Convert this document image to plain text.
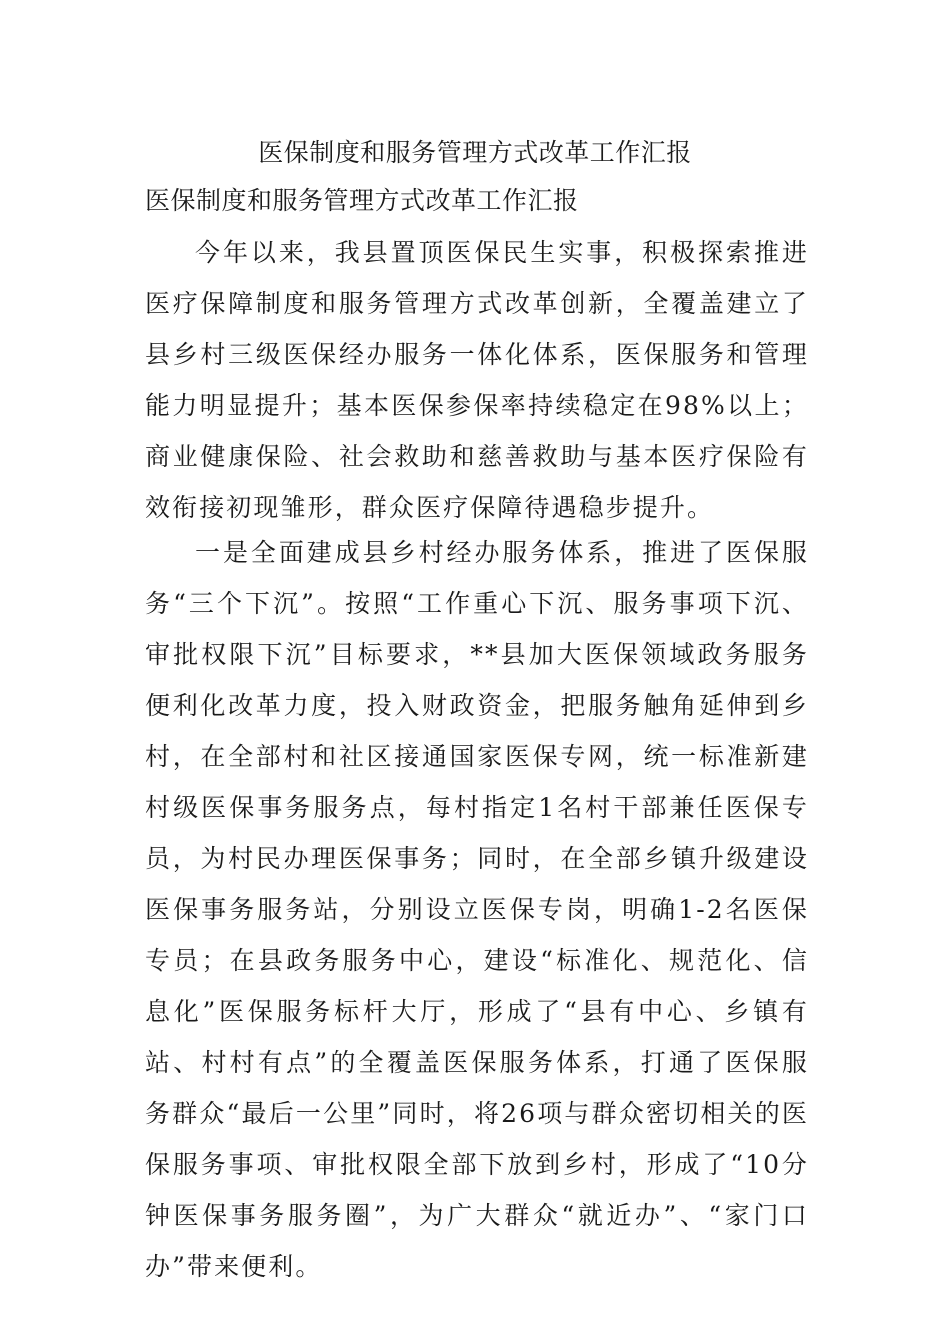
医保制度和服务管理方式改革工作汇报
医保制度和服务管理方式改革工作汇报

今年以来，我县置顶医保民生实事，积极探索推进医疗保障制度和服务管理方式改革创新，全覆盖建立了县乡村三级医保经办服务一体化体系，医保服务和管理能力明显提升；基本医保参保率持续稳定在98%以上；商业健康保险、社会救助和慈善救助与基本医疗保险有效衔接初现雏形，群众医疗保障待遇稳步提升。

一是全面建成县乡村经办服务体系，推进了医保服务“三个下沉”。按照“工作重心下沉、服务事项下沉、审批权限下沉”目标要求，**县加大医保领域政务服务便利化改革力度，投入财政资金，把服务触角延伸到乡村，在全部村和社区接通国家医保专网，统一标准新建村级医保事务服务点，每村指定1名村干部兼任医保专员，为村民办理医保事务；同时，在全部乡镇升级建设医保事务服务站，分别设立医保专岗，明确1-2名医保专员；在县政务服务中心，建设“标准化、规范化、信息化”医保服务标杆大厅，形成了“县有中心、乡镇有站、村村有点”的全覆盖医保服务体系，打通了医保服务群众“最后一公里”同时，将26项与群众密切相关的医保服务事项、审批权限全部下放到乡村，形成了“10分钟医保事务服务圈”，为广大群众“就近办”、“家门口办”带来便利。
